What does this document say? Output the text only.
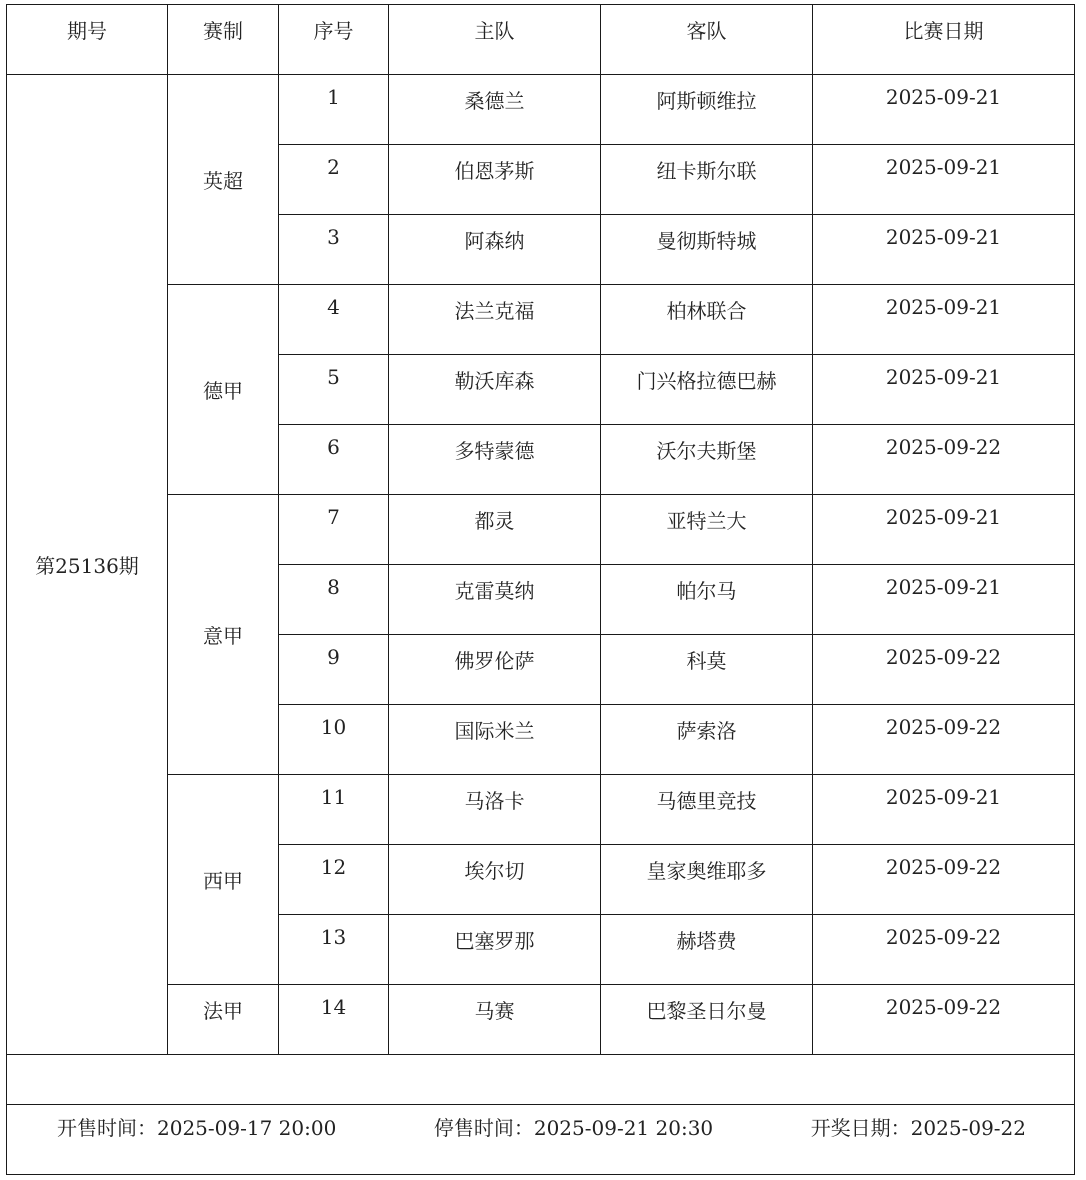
期号	赛制	序号	主队	客队	比赛日期
第25136期	英超	1	桑德兰	阿斯顿维拉	2025-09-21
		2	伯恩茅斯	纽卡斯尔联	2025-09-21
		3	阿森纳	曼彻斯特城	2025-09-21
	德甲	4	法兰克福	柏林联合	2025-09-21
		5	勒沃库森	门兴格拉德巴赫	2025-09-21
		6	多特蒙德	沃尔夫斯堡	2025-09-22
	意甲	7	都灵	亚特兰大	2025-09-21
		8	克雷莫纳	帕尔马	2025-09-21
		9	佛罗伦萨	科莫	2025-09-22
		10	国际米兰	萨索洛	2025-09-22
	西甲	11	马洛卡	马德里竞技	2025-09-21
		12	埃尔切	皇家奥维耶多	2025-09-22
		13	巴塞罗那	赫塔费	2025-09-22
	法甲	14	马赛	巴黎圣日尔曼	2025-09-22

开售时间：2025-09-17 20:00 停售时间：2025-09-21 20:30 开奖日期：2025-09-22					
